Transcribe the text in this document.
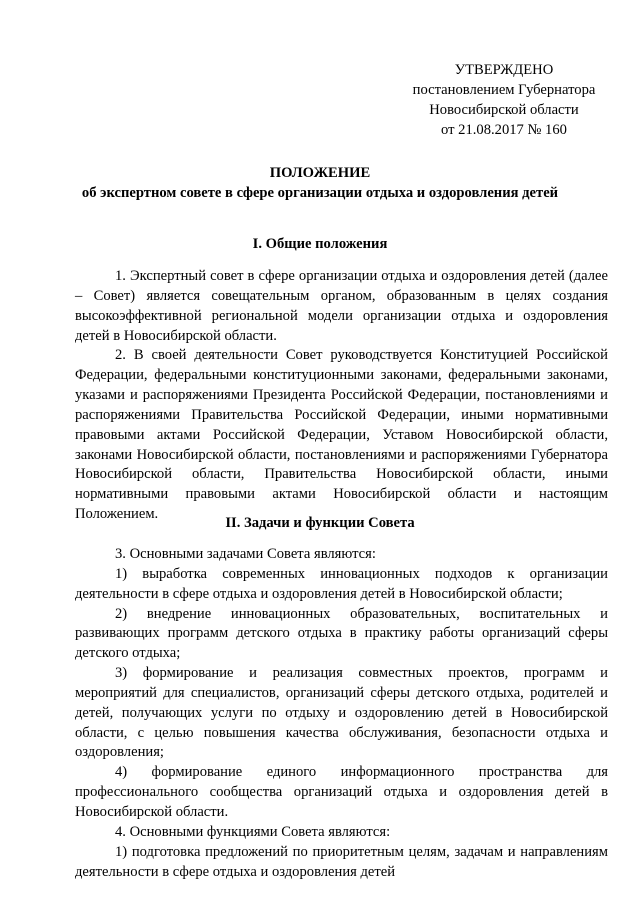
УТВЕРЖДЕНО
постановлением Губернатора
Новосибирской области
от 21.08.2017 № 160
ПОЛОЖЕНИЕ
об экспертном совете в сфере организации отдыха и оздоровления детей
I. Общие положения

1. Экспертный совет в сфере организации отдыха и оздоровления детей (далее – Совет) является совещательным органом, образованным в целях создания высокоэффективной региональной модели организации отдыха и оздоровления детей в Новосибирской области.

2. В своей деятельности Совет руководствуется Конституцией Российской Федерации, федеральными конституционными законами, федеральными законами, указами и распоряжениями Президента Российской Федерации, постановлениями и распоряжениями Правительства Российской Федерации, иными нормативными правовыми актами Российской Федерации, Уставом Новосибирской области, законами Новосибирской области, постановлениями и распоряжениями Губернатора Новосибирской области, Правительства Новосибирской области, иными нормативными правовыми актами Новосибирской области и настоящим Положением.

II. Задачи и функции Совета

3. Основными задачами Совета являются:

1) выработка современных инновационных подходов к организации деятельности в сфере отдыха и оздоровления детей в Новосибирской области;

2) внедрение инновационных образовательных, воспитательных и развивающих программ детского отдыха в практику работы организаций сферы детского отдыха;

3) формирование и реализация совместных проектов, программ и мероприятий для специалистов, организаций сферы детского отдыха, родителей и детей, получающих услуги по отдыху и оздоровлению детей в Новосибирской области, с целью повышения качества обслуживания, безопасности отдыха и оздоровления;

4) формирование единого информационного пространства для профессионального сообщества организаций отдыха и оздоровления детей в Новосибирской области.

4. Основными функциями Совета являются:

1) подготовка предложений по приоритетным целям, задачам и направлениям деятельности в сфере отдыха и оздоровления детей
